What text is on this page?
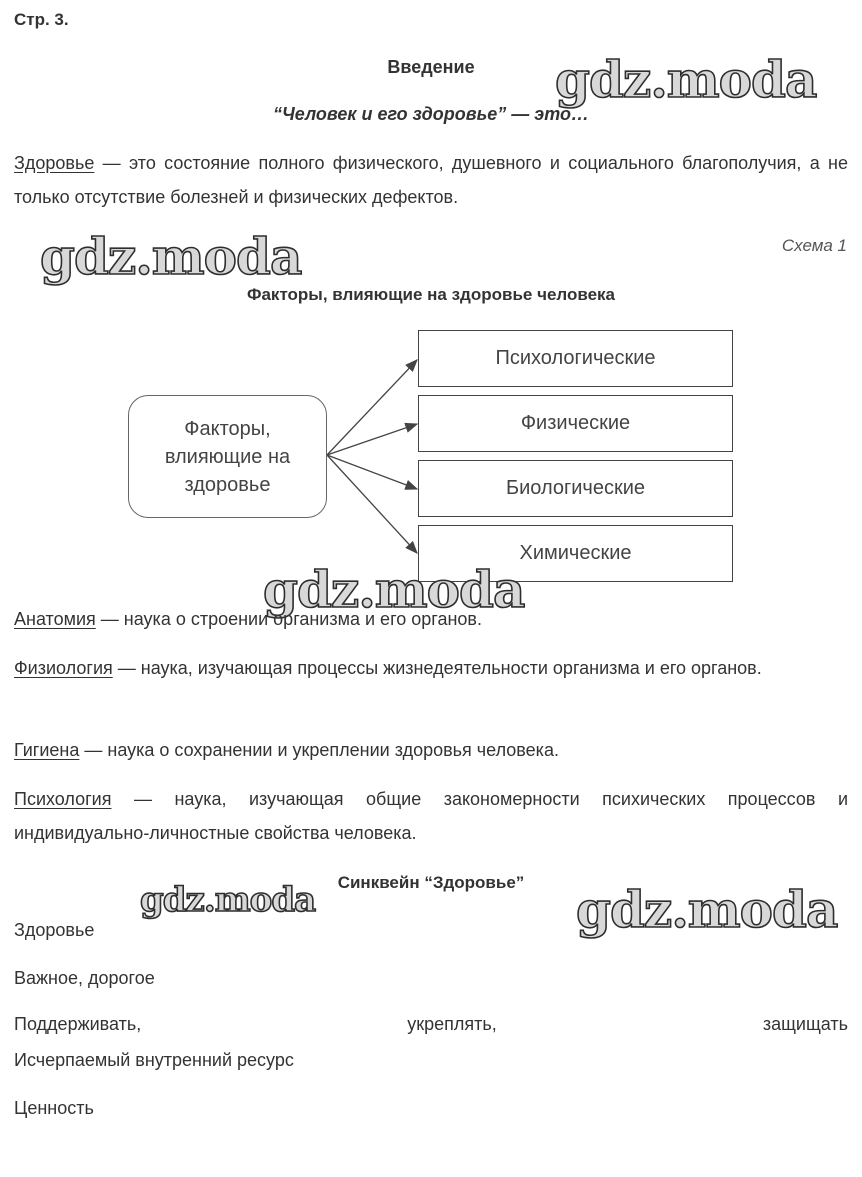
Стр. 3.
Введение	gdz.moda
“Человек и его здоровье” — это…
Здоровье — это состояние полного физического, душевного и социального благополучия, а не только отсутствие болезней и физических дефектов.
gdz.moda	Схема 1
Факторы, влияющие на здоровье человека
Факторы, влияющие на здоровье
Психологические
Физические
Биологические
Химические
gdz.moda
Анатомия — наука о строении организма и его органов.
Физиология — наука, изучающая процессы жизнедеятельности организма и его органов.
Гигиена — наука о сохранении и укреплении здоровья человека.
Психология — наука, изучающая общие закономерности психических процессов и индивидуально-личностные свойства человека.
Синквейн “Здоровье”
gdz.moda	gdz.moda
Здоровье
Важное, дорогое
Поддерживать,	укреплять,	защищать
Исчерпаемый внутренний ресурс
Ценность
